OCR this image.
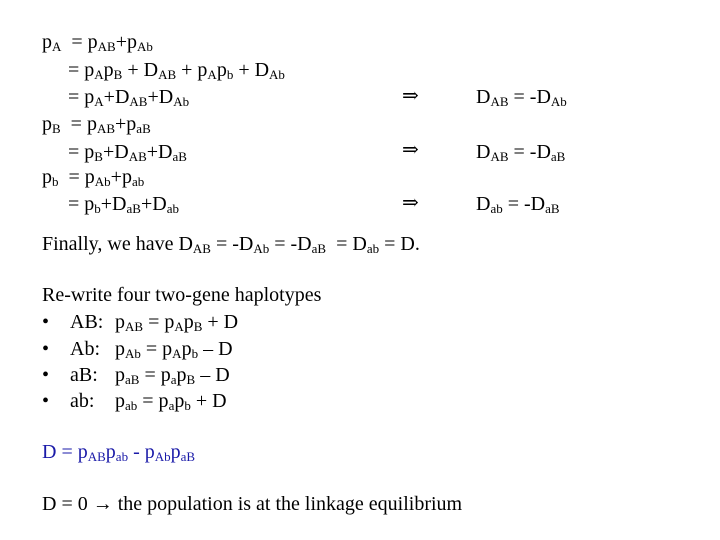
$p_A = p_{AB}+p_{Ab}$
= $p_Ap_B + D_{AB} + p_Ap_b + D_{Ab}$
= $p_A+D_{AB}+D_{Ab}$
$p_B = p_{AB}+p_{aB}$
= $p_B+D_{AB}+D_{aB}$
$p_b = p_{Ab}+p_{ab}$
= $p_b+D_{aB}+D_{ab}$
⇒
⇒
⇒
$D_{AB} = -D_{Ab}$
$D_{AB} = -D_{aB}$
$D_{ab} = -D_{aB}$
Finally, we have $D_{AB} = -D_{Ab} = -D_{aB} = D_{ab} = D$.
Re-write four two-gene haplotypes
• AB: $p_{AB} = p_Ap_B + D$
• Ab: $p_{Ab} = p_Ap_b - D$
• aB: $p_{aB} = p_ap_B - D$
• ab: $p_{ab} = p_ap_b + D$
$D = p_{AB}p_{ab} - p_{Ab}p_{aB}$
D = 0 → the population is at the linkage equilibrium
